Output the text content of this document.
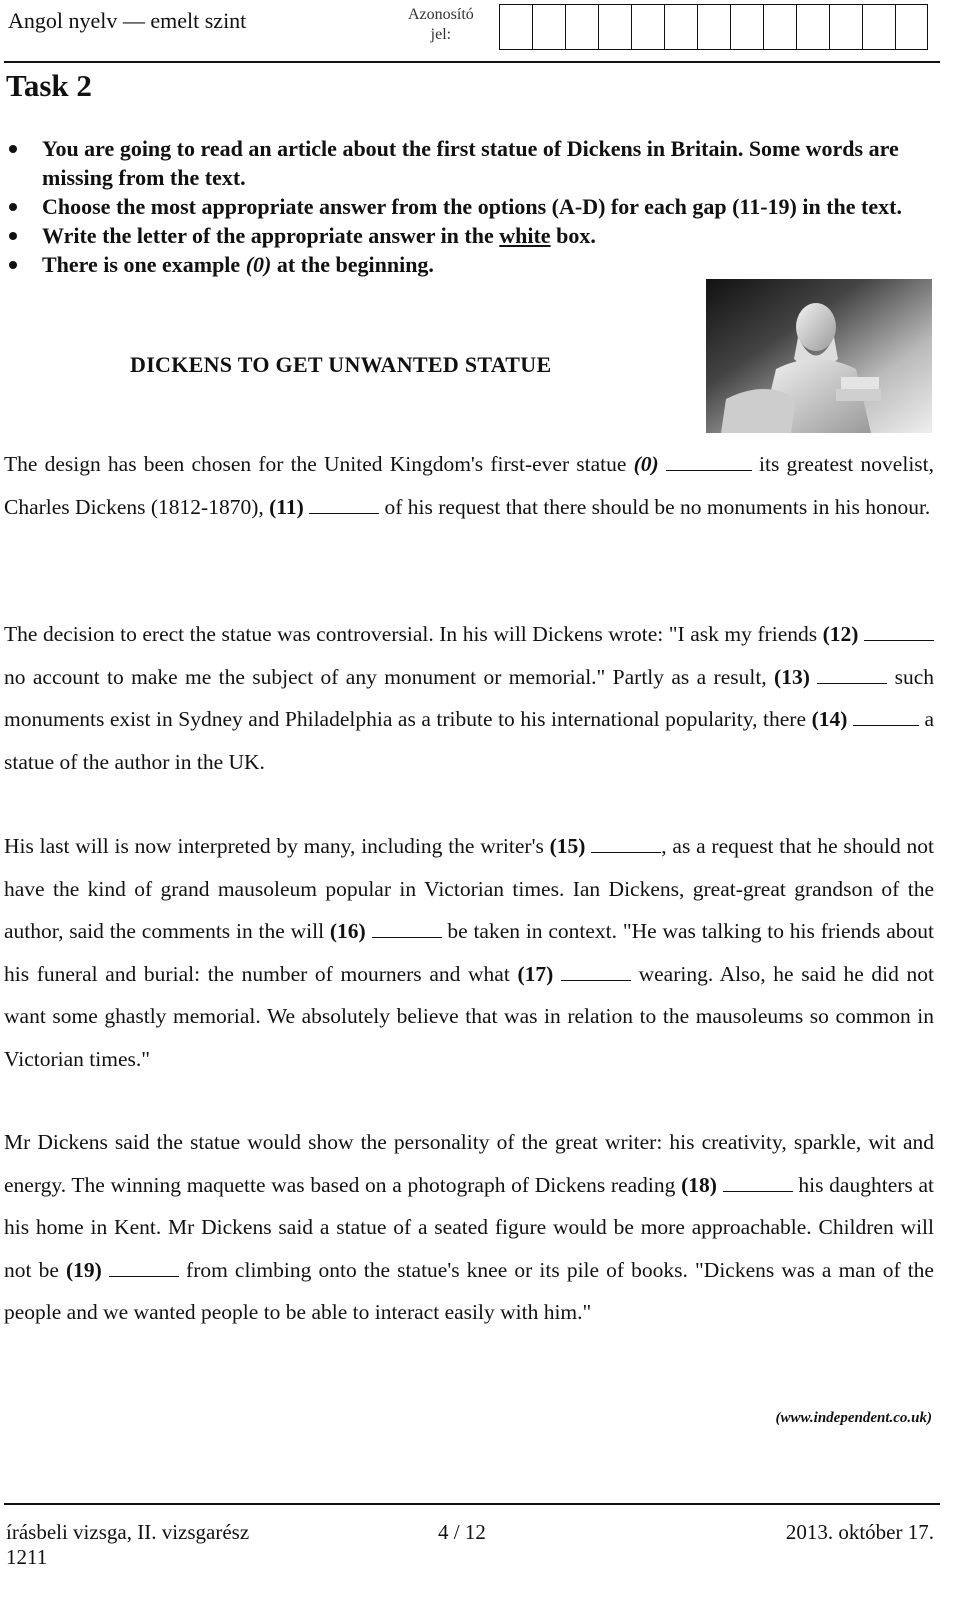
Angol nyelv — emelt szint	Azonosító
jel:
Task 2
You are going to read an article about the first statue of Dickens in Britain. Some words are missing from the text.
Choose the most appropriate answer from the options (A-D) for each gap (11-19) in the text.
Write the letter of the appropriate answer in the white box.
There is one example (0) at the beginning.
DICKENS TO GET UNWANTED STATUE
The design has been chosen for the United Kingdom's first-ever statue (0)	its greatest novelist, Charles Dickens (1812-1870), (11)	of his request that there should be no monuments in his honour.
The decision to erect the statue was controversial. In his will Dickens wrote: "I ask my friends (12)  no account to make me the subject of any monument or memorial." Partly as a result, (13)	such monuments exist in Sydney and Philadelphia as a tribute to his international popularity, there (14)	a statue of the author in the UK.
His last will is now interpreted by many, including the writer's (15)	, as a request that he should not have the kind of grand mausoleum popular in Victorian times. Ian Dickens, great-great grandson of the author, said the comments in the will (16)	be taken in context. "He was talking to his friends about his funeral and burial: the number of mourners and what (17)	wearing. Also, he said he did not want some ghastly memorial. We absolutely believe that was in relation to the mausoleums so common in Victorian times."
Mr Dickens said the statue would show the personality of the great writer: his creativity, sparkle, wit and energy. The winning maquette was based on a photograph of Dickens reading (18)	his daughters at his home in Kent. Mr Dickens said a statue of a seated figure would be more approachable. Children will not be (19)	from climbing onto the statue's knee or its pile of books. "Dickens was a man of the people and we wanted people to be able to interact easily with him."
(www.independent.co.uk)
írásbeli vizsga, II. vizsgarész
1211
4 / 12	2013. október 17.
